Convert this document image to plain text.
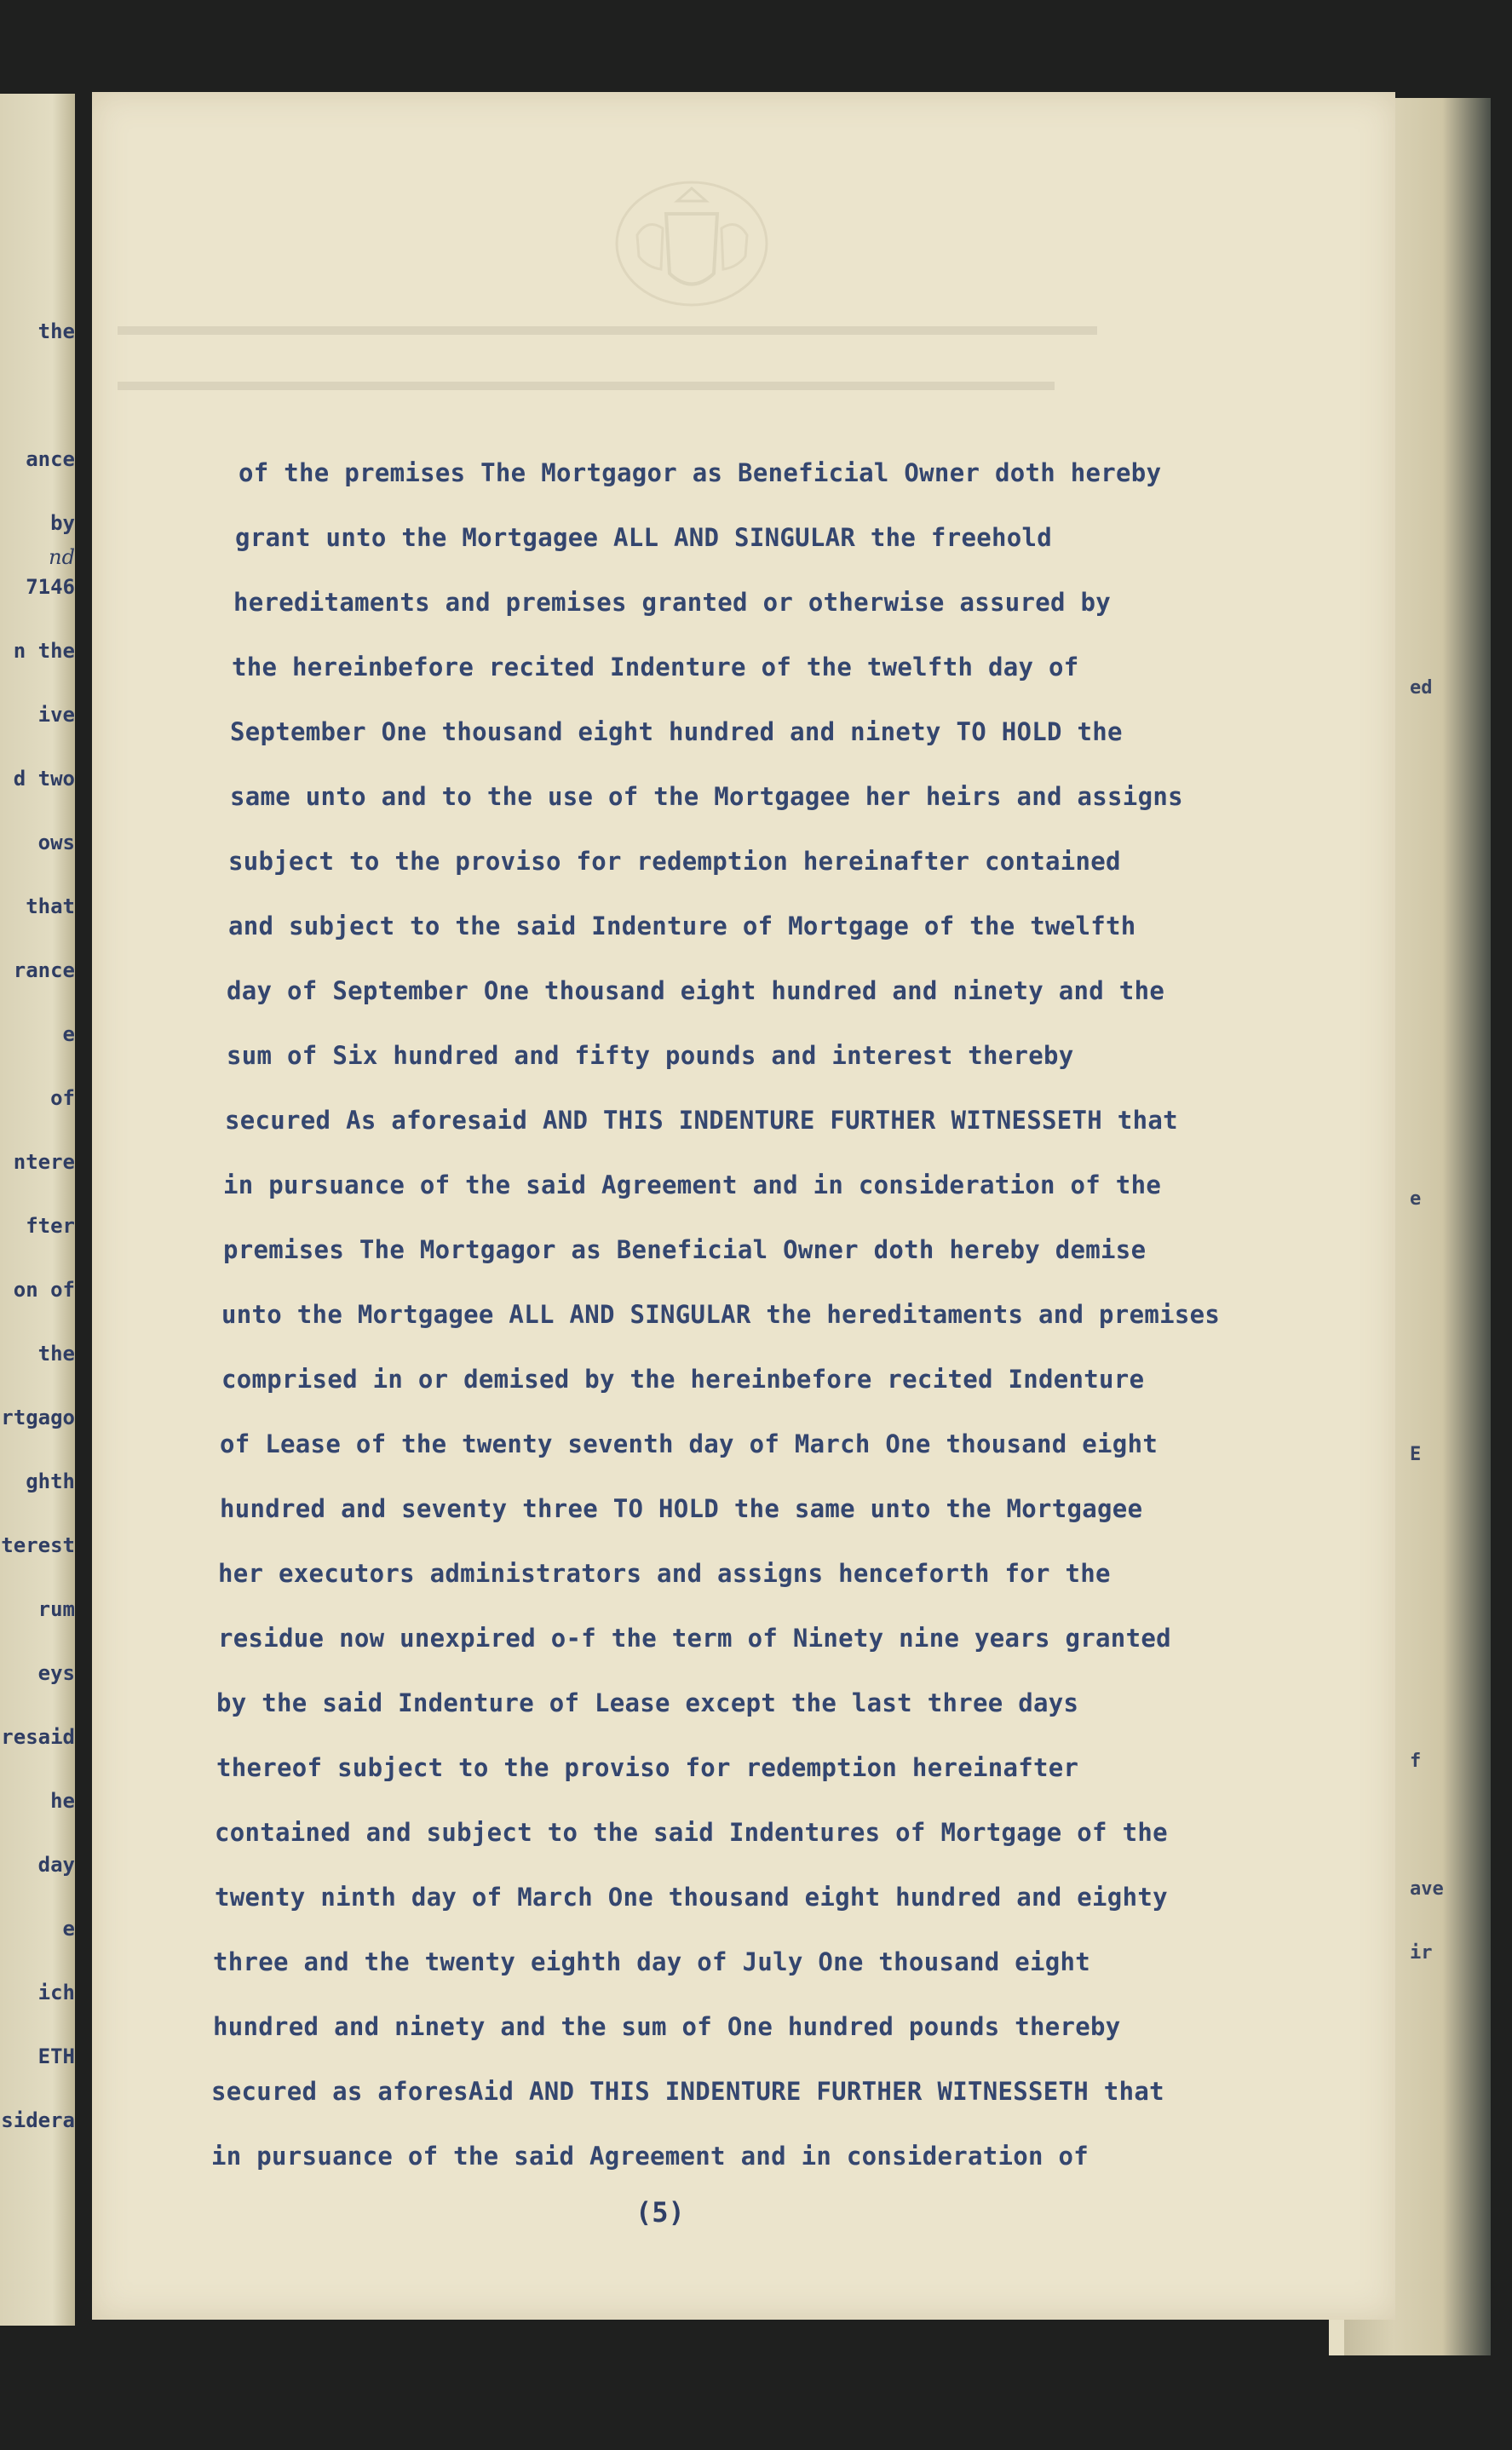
the
ance
by
nd
7146
n the
ive
d two
ows
that
rance
e
of
ntere
fter
on of
the
rtgago
ghth
terest
rum
eys
resaid
he
day
e
ich
ETH
sidera
ed
e
E
f
ave
ir
of the premises The Mortgagor as Beneficial Owner doth hereby
grant unto the Mortgagee ALL AND SINGULAR the freehold
hereditaments and premises granted or otherwise assured by
the hereinbefore recited Indenture of the twelfth day of
September One thousand eight hundred and ninety TO HOLD the
same unto and to the use of the Mortgagee her heirs and assigns
subject to the proviso for redemption hereinafter contained
and subject to the said Indenture of Mortgage of the twelfth
day of September One thousand eight hundred and ninety and the
sum of Six hundred and fifty pounds and interest thereby
secured As aforesaid AND THIS INDENTURE FURTHER WITNESSETH that
in pursuance of the said Agreement and in consideration of the
premises The Mortgagor as Beneficial Owner doth hereby demise
unto the Mortgagee ALL AND SINGULAR the hereditaments and premises
comprised in or demised by the hereinbefore recited Indenture
of Lease of the twenty seventh day of March One thousand eight
hundred and seventy three TO HOLD the same unto the Mortgagee
her executors administrators and assigns henceforth for the
residue now unexpired o-f the term of Ninety nine years granted
by the said Indenture of Lease except the last three days
thereof subject to the proviso for redemption hereinafter
contained and subject to the said Indentures of Mortgage of the
twenty ninth day of March One thousand eight hundred and eighty
three and the twenty eighth day of July One thousand eight
hundred and ninety and the sum of One hundred pounds thereby
secured as aforesAid AND THIS INDENTURE FURTHER WITNESSETH that
in pursuance of the said Agreement and in consideration of
(5)
